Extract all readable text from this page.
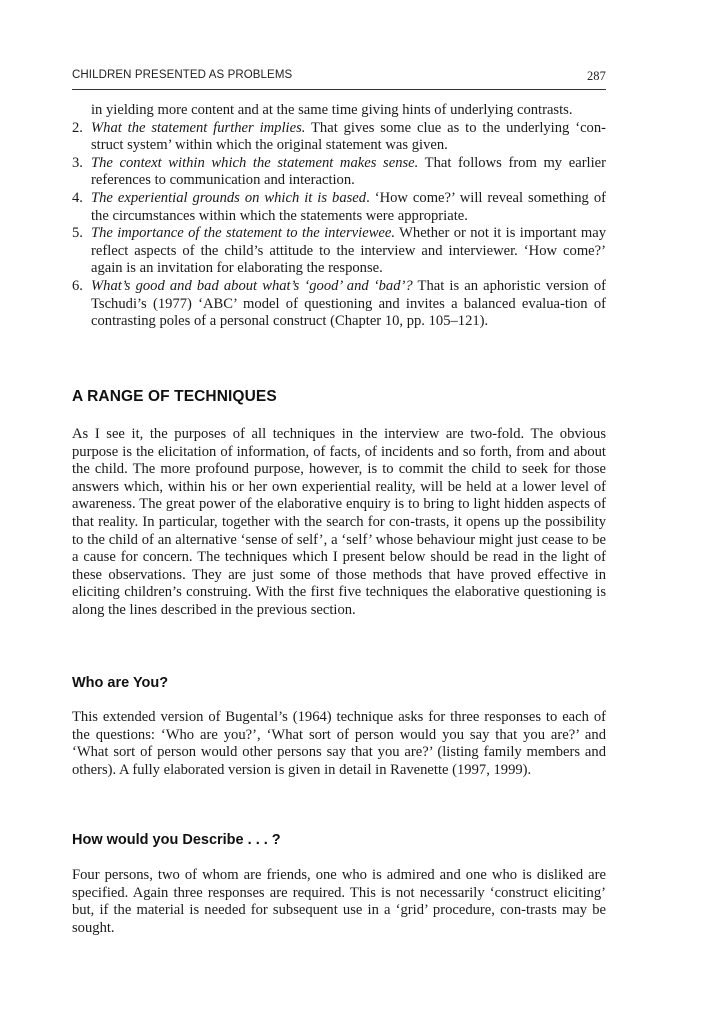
CHILDREN PRESENTED AS PROBLEMS	287

in yielding more content and at the same time giving hints of underlying contrasts.

2. What the statement further implies. That gives some clue as to the underlying ‘con-struct system’ within which the original statement was given.
3. The context within which the statement makes sense. That follows from my earlier references to communication and interaction.
4. The experiential grounds on which it is based. ‘How come?’ will reveal something of the circumstances within which the statements were appropriate.
5. The importance of the statement to the interviewee. Whether or not it is important may reflect aspects of the child’s attitude to the interview and interviewer. ‘How come?’ again is an invitation for elaborating the response.
6. What’s good and bad about what’s ‘good’ and ‘bad’? That is an aphoristic version of Tschudi’s (1977) ‘ABC’ model of questioning and invites a balanced evalua-tion of contrasting poles of a personal construct (Chapter 10, pp. 105–121).
A RANGE OF TECHNIQUES

As I see it, the purposes of all techniques in the interview are two-fold. The obvious purpose is the elicitation of information, of facts, of incidents and so forth, from and about the child. The more profound purpose, however, is to commit the child to seek for those answers which, within his or her own experiential reality, will be held at a lower level of awareness. The great power of the elaborative enquiry is to bring to light hidden aspects of that reality. In particular, together with the search for con-trasts, it opens up the possibility to the child of an alternative ‘sense of self’, a ‘self’ whose behaviour might just cease to be a cause for concern. The techniques which I present below should be read in the light of these observations. They are just some of those methods that have proved effective in eliciting children’s construing. With the first five techniques the elaborative questioning is along the lines described in the previous section.

Who are You?

This extended version of Bugental’s (1964) technique asks for three responses to each of the questions: ‘Who are you?’, ‘What sort of person would you say that you are?’ and ‘What sort of person would other persons say that you are?’ (listing family members and others). A fully elaborated version is given in detail in Ravenette (1997, 1999).

How would you Describe . . . ?

Four persons, two of whom are friends, one who is admired and one who is disliked are specified. Again three responses are required. This is not necessarily ‘construct eliciting’ but, if the material is needed for subsequent use in a ‘grid’ procedure, con-trasts may be sought.
